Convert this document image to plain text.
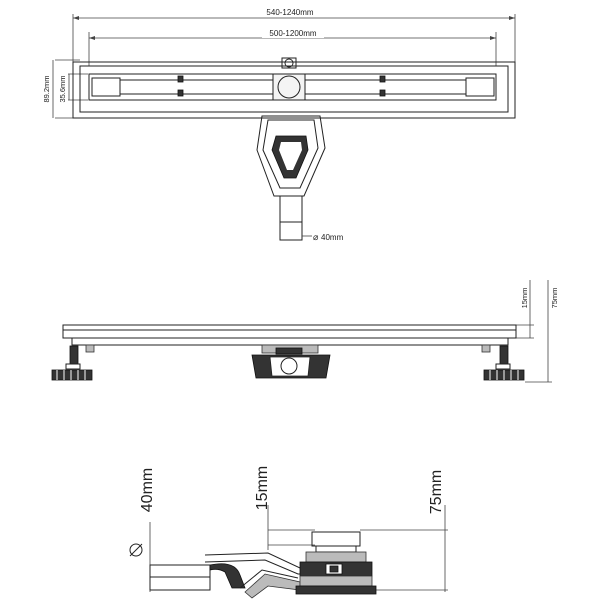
540-1240mm
500-1200mm
89.2mm 35.6mm
⌀ 40mm
15mm	75mm
40mm	15mm	75mm
